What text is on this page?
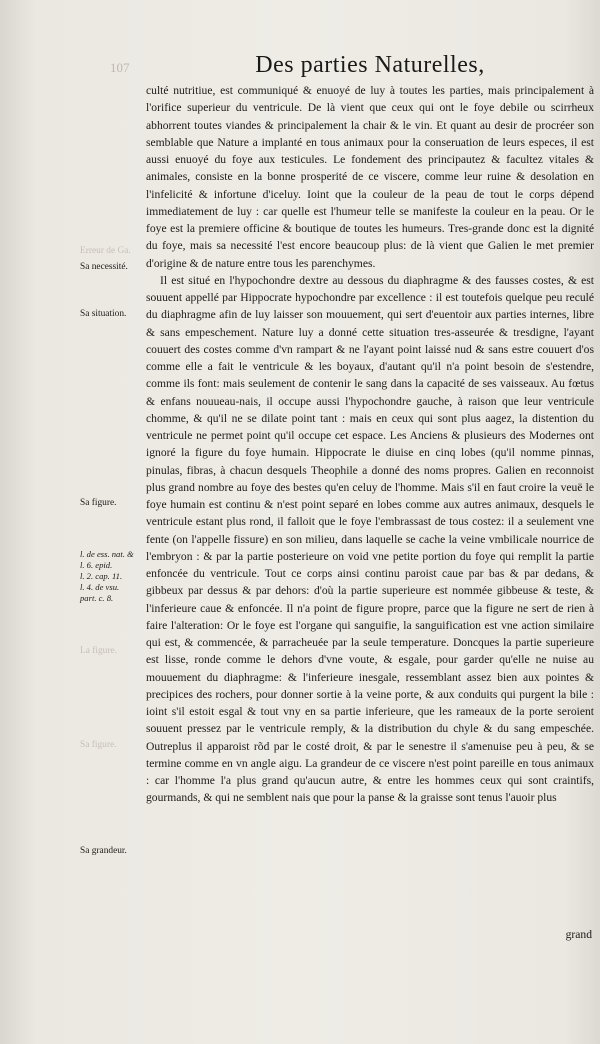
107	Des parties Naturelles,
Erreur de Ga.
Sa necessité.
Sa situation.
Sa figure.
l. de ess. nat. &
l. 6. epid.
l. 2. cap. 11.
l. 4. de vsu.
part. c. 8.
La figure.
Sa figure.
Sa grandeur.

culté nutritiue, est communiqué & enuoyé de luy à toutes les parties, mais principalement à l'orifice superieur du ventricule. De là vient que ceux qui ont le foye debile ou scirrheux abhorrent toutes viandes & principalement la chair & le vin. Et quant au desir de procréer son semblable que Nature a implanté en tous animaux pour la conseruation de leurs especes, il est aussi enuoyé du foye aux testicules. Le fondement des principautez & facultez vitales & animales, consiste en la bonne prosperité de ce viscere, comme leur ruine & desolation en l'infelicité & infortune d'iceluy. Ioint que la couleur de la peau de tout le corps dépend immediatement de luy : car quelle est l'humeur telle se manifeste la couleur en la peau. Or le foye est la premiere officine & boutique de toutes les humeurs. Tres-grande donc est la dignité du foye, mais sa necessité l'est encore beaucoup plus: de là vient que Galien le met premier d'origine & de nature entre tous les parenchymes.

Il est situé en l'hypochondre dextre au dessous du diaphragme & des fausses costes, & est souuent appellé par Hippocrate hypochondre par excellence : il est toutefois quelque peu reculé du diaphragme afin de luy laisser son mouuement, qui sert d'euentoir aux parties internes, libre & sans empeschement. Nature luy a donné cette situation tres-asseurée & tresdigne, l'ayant couuert des costes comme d'vn rampart & ne l'ayant point laissé nud & sans estre couuert d'os comme elle a fait le ventricule & les boyaux, d'autant qu'il n'a point besoin de s'estendre, comme ils font: mais seulement de contenir le sang dans la capacité de ses vaisseaux. Au fœtus & enfans nouueau-nais, il occupe aussi l'hypochondre gauche, à raison que leur ventricule chomme, & qu'il ne se dilate point tant : mais en ceux qui sont plus aagez, la distention du ventricule ne permet point qu'il occupe cet espace. Les Anciens & plusieurs des Modernes ont ignoré la figure du foye humain. Hippocrate le diuise en cinq lobes (qu'il nomme pinnas, pinulas, fibras, à chacun desquels Theophile a donné des noms propres. Galien en reconnoist plus grand nombre au foye des bestes qu'en celuy de l'homme. Mais s'il en faut croire la veuë le foye humain est continu & n'est point separé en lobes comme aux autres animaux, desquels le ventricule estant plus rond, il falloit que le foye l'embrassast de tous costez: il a seulement vne fente (on l'appelle fissure) en son milieu, dans laquelle se cache la veine vmbilicale nourrice de l'embryon : & par la partie posterieure on void vne petite portion du foye qui remplit la partie enfoncée du ventricule. Tout ce corps ainsi continu paroist caue par bas & par dedans, & gibbeux par dessus & par dehors: d'où la partie superieure est nommée gibbeuse & teste, & l'inferieure caue & enfoncée. Il n'a point de figure propre, parce que la figure ne sert de rien à faire l'alteration: Or le foye est l'organe qui sanguifie, la sanguification est vne action similaire qui est, & commencée, & parracheuée par la seule temperature. Doncques la partie superieure est lisse, ronde comme le dehors d'vne voute, & esgale, pour garder qu'elle ne nuise au mouuement du diaphragme: & l'inferieure inesgale, ressemblant assez bien aux pointes & precipices des rochers, pour donner sortie à la veine porte, & aux conduits qui purgent la bile : ioint s'il estoit esgal & tout vny en sa partie inferieure, que les rameaux de la porte seroient souuent pressez par le ventricule remply, & la distribution du chyle & du sang empeschée. Outreplus il apparoist rõd par le costé droit, & par le senestre il s'amenuise peu à peu, & se termine comme en vn angle aigu. La grandeur de ce viscere n'est point pareille en tous animaux : car l'homme l'a plus grand qu'aucun autre, & entre les hommes ceux qui sont craintifs, gourmands, & qui ne semblent nais que pour la panse & la graisse sont tenus l'auoir plus

grand
